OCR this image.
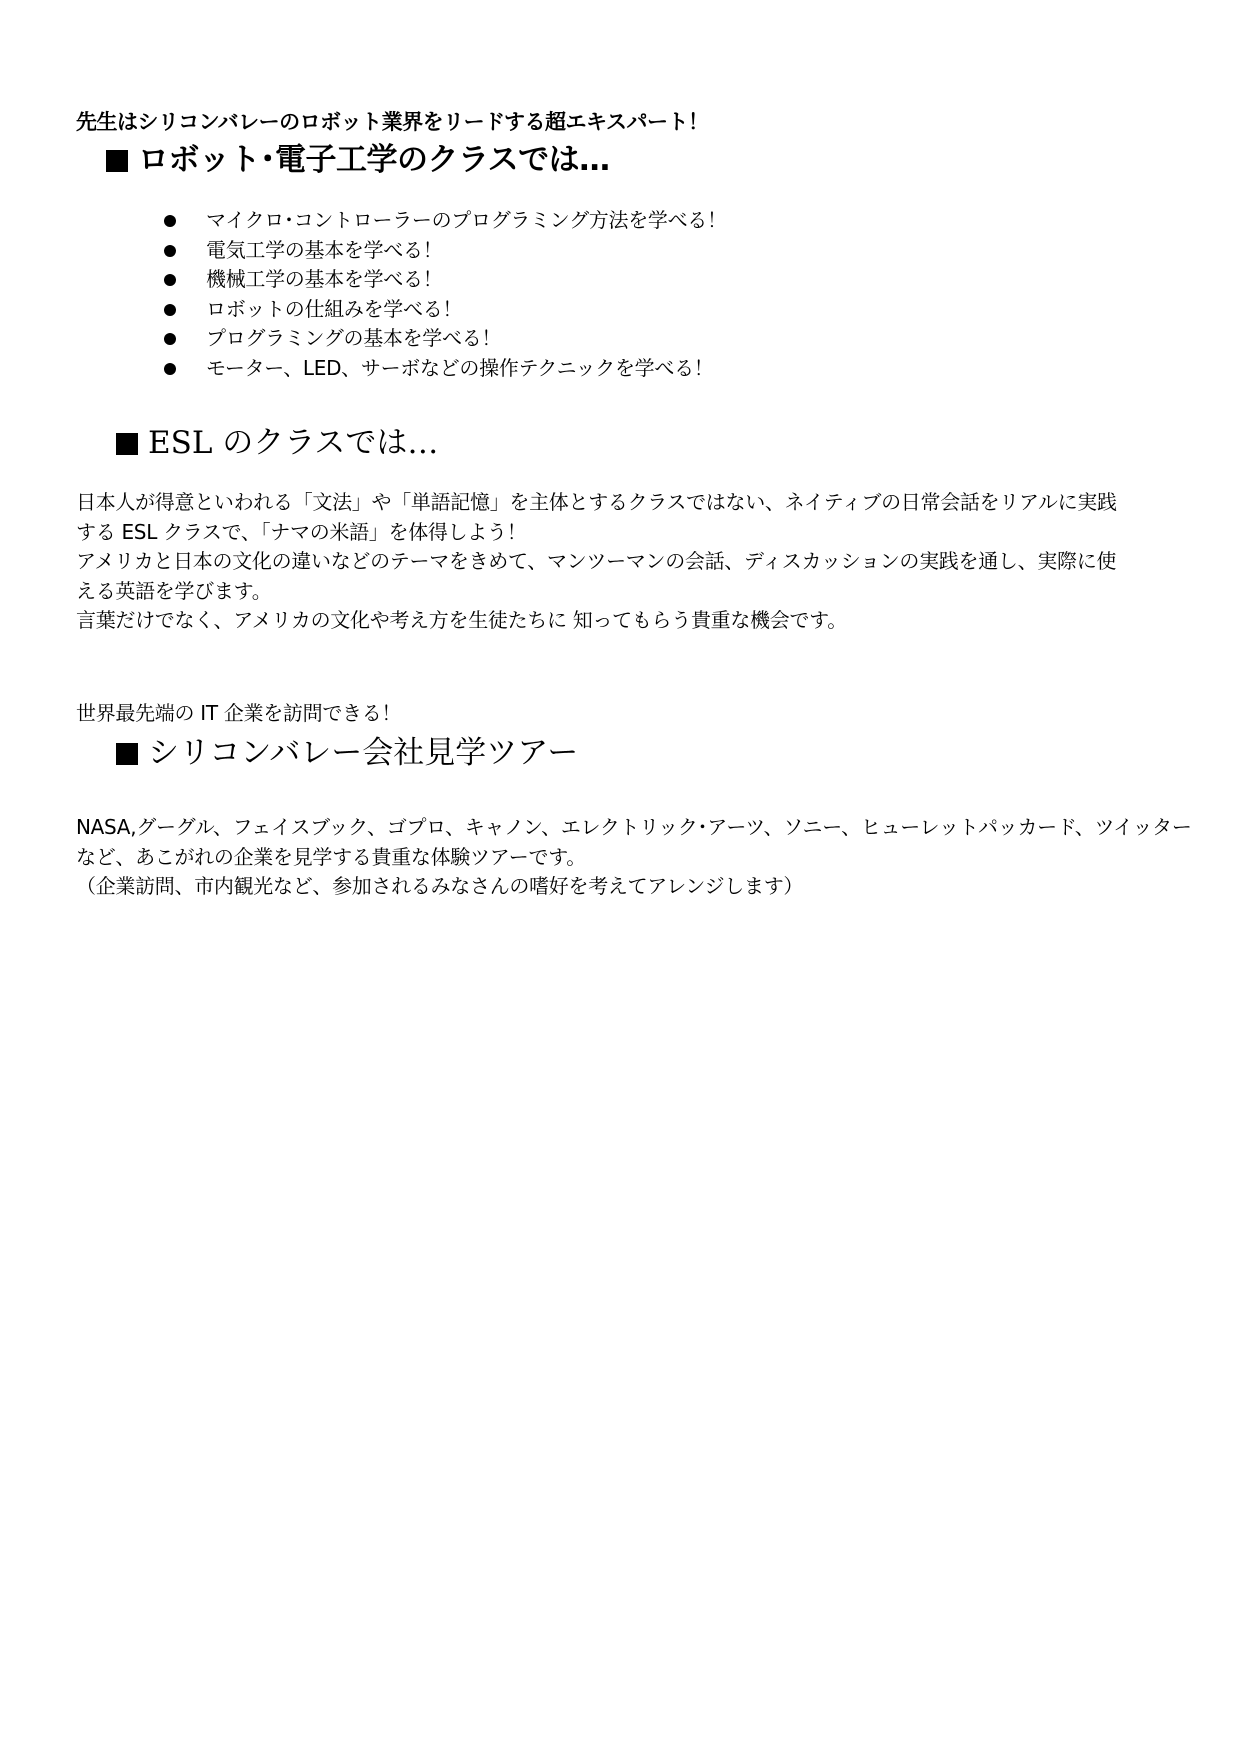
先生はシリコンバレーのロボット業界をリードする超エキスパート！
ロボット･電子工学のクラスでは…
マイクロ･コントローラーのプログラミング方法を学べる！
電気工学の基本を学べる！
機械工学の基本を学べる！
ロボットの仕組みを学べる！
プログラミングの基本を学べる！
モーター、LED、サーボなどの操作テクニックを学べる！
ESL のクラスでは…

日本人が得意といわれる「文法」や「単語記憶」を主体とするクラスではない、ネイティブの日常会話をリアルに実践

する ESL クラスで、「ナマの米語」を体得しよう！

アメリカと日本の文化の違いなどのテーマをきめて、マンツーマンの会話、ディスカッションの実践を通し、実際に使

える英語を学びます。

言葉だけでなく、アメリカの文化や考え方を生徒たちに 知ってもらう貴重な機会です。

世界最先端の IT 企業を訪問できる！
シリコンバレー会社見学ツアー

NASA,グーグル、フェイスブック、ゴプロ、キャノン、エレクトリック･アーツ、ソニー、ヒューレットパッカード、ツイッター

など、あこがれの企業を見学する貴重な体験ツアーです。

（企業訪問、市内観光など、参加されるみなさんの嗜好を考えてアレンジします）
